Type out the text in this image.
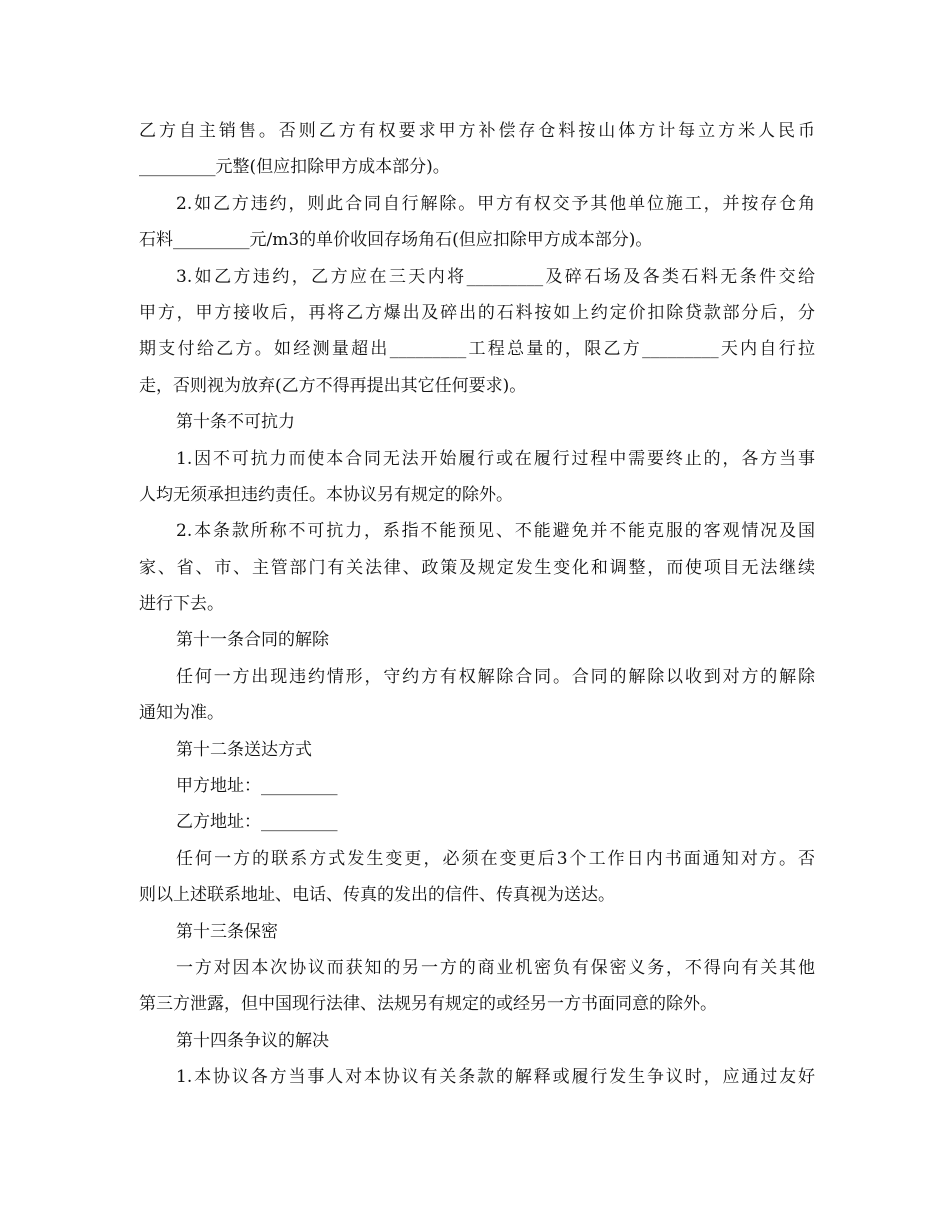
乙方自主销售。否则乙方有权要求甲方补偿存仓料按山体方计每立方米人民币
_________元整(但应扣除甲方成本部分)。
2.如乙方违约，则此合同自行解除。甲方有权交予其他单位施工，并按存仓角
石料_________元/m3的单价收回存场角石(但应扣除甲方成本部分)。
3.如乙方违约，乙方应在三天内将_________及碎石场及各类石料无条件交给
甲方，甲方接收后，再将乙方爆出及碎出的石料按如上约定价扣除贷款部分后，分
期支付给乙方。如经测量超出_________工程总量的，限乙方_________天内自行拉
走，否则视为放弃(乙方不得再提出其它任何要求)。
第十条不可抗力
1.因不可抗力而使本合同无法开始履行或在履行过程中需要终止的，各方当事
人均无须承担违约责任。本协议另有规定的除外。
2.本条款所称不可抗力，系指不能预见、不能避免并不能克服的客观情况及国
家、省、市、主管部门有关法律、政策及规定发生变化和调整，而使项目无法继续
进行下去。
第十一条合同的解除
任何一方出现违约情形，守约方有权解除合同。合同的解除以收到对方的解除
通知为准。
第十二条送达方式
甲方地址：_________
乙方地址：_________
任何一方的联系方式发生变更，必须在变更后3个工作日内书面通知对方。否
则以上述联系地址、电话、传真的发出的信件、传真视为送达。
第十三条保密
一方对因本次协议而获知的另一方的商业机密负有保密义务，不得向有关其他
第三方泄露，但中国现行法律、法规另有规定的或经另一方书面同意的除外。
第十四条争议的解决
1.本协议各方当事人对本协议有关条款的解释或履行发生争议时，应通过友好
